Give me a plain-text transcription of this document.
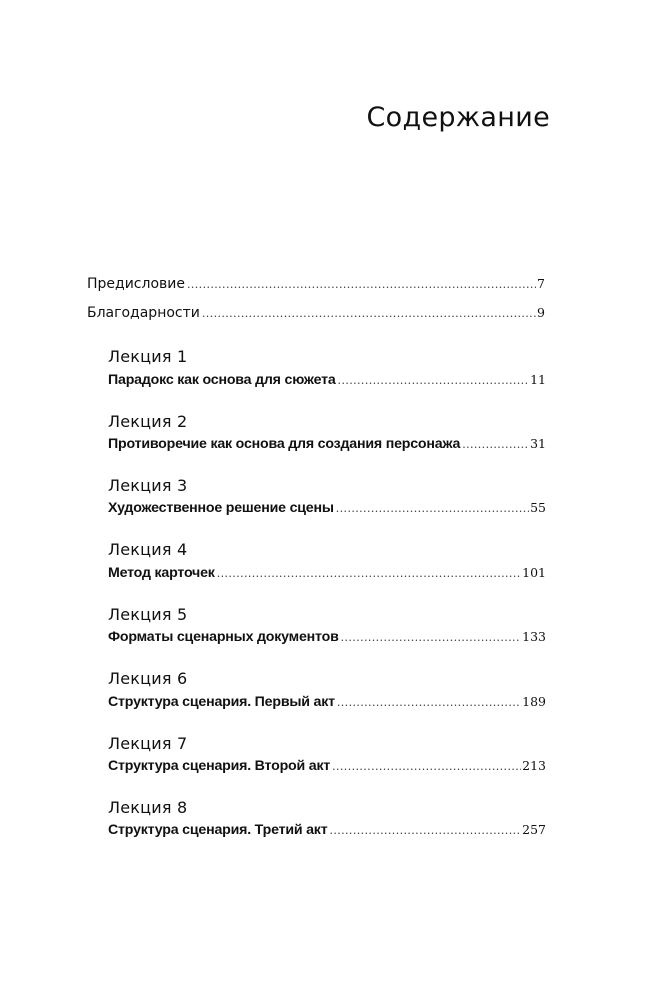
Содержание
Предисловие .....	7
Благодарности .....	9
Лекция 1
Парадокс как основа для сюжета .....	11
Лекция 2
Противоречие как основа для создания персонажа .....	31
Лекция 3
Художественное решение сцены .....	55
Лекция 4
Метод карточек .....	101
Лекция 5
Форматы сценарных документов .....	133
Лекция 6
Структура сценария. Первый акт .....	189
Лекция 7
Структура сценария. Второй акт .....	213
Лекция 8
Структура сценария. Третий акт .....	257
